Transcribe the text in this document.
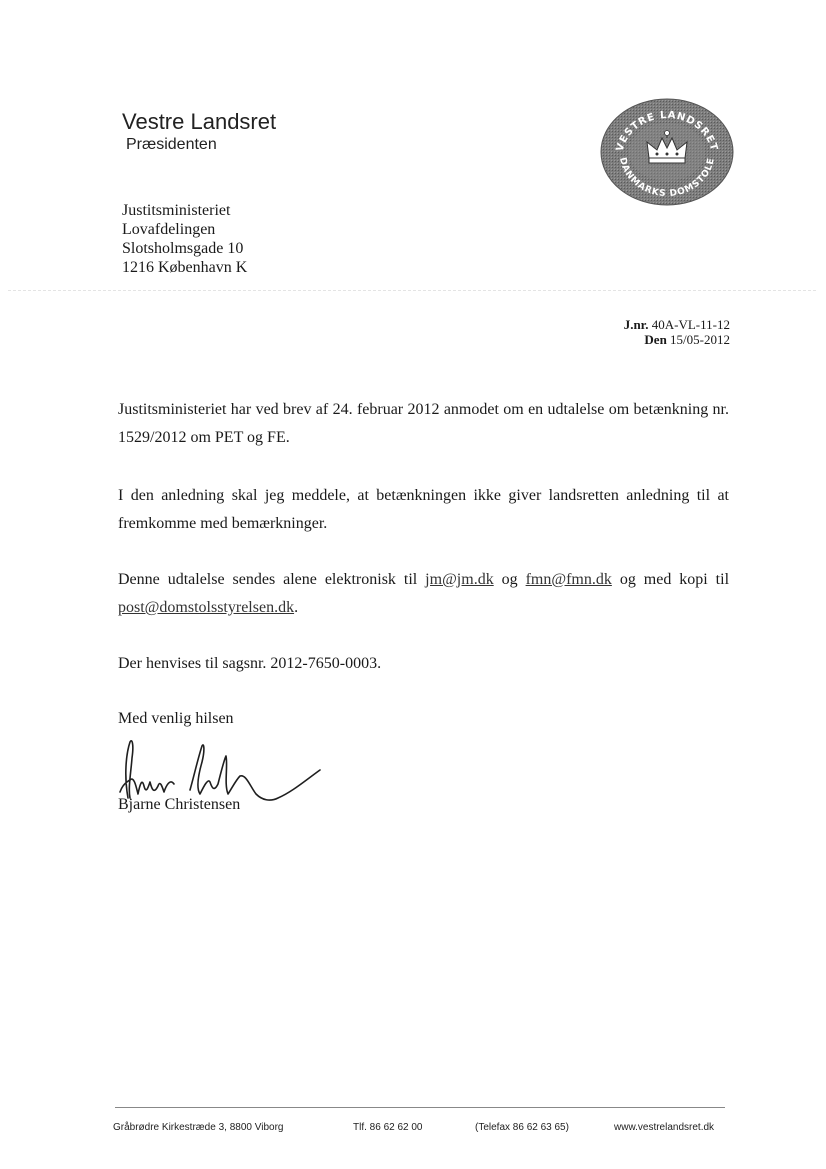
Vestre Landsret
Præsidenten	VESTRE LANDSRET
DANMARKS DOMSTOLE
Justitsministeriet
Lovafdelingen
Slotsholmsgade 10
1216 København K
J.nr. 40A-VL-11-12
Den 15/05-2012
Justitsministeriet har ved brev af 24. februar 2012 anmodet om en udtalelse om betænkning nr. 1529/2012 om PET og FE.
I den anledning skal jeg meddele, at betænkningen ikke giver landsretten anledning til at fremkomme med bemærkninger.
Denne udtalelse sendes alene elektronisk til jm@jm.dk og fmn@fmn.dk og med kopi til post@domstolsstyrelsen.dk.
Der henvises til sagsnr. 2012-7650-0003.
Med venlig hilsen
Bjarne Christensen
Gråbrødre Kirkestræde 3, 8800 Viborg	Tlf. 86 62 62 00	(Telefax 86 62 63 65)	www.vestrelandsret.dk
